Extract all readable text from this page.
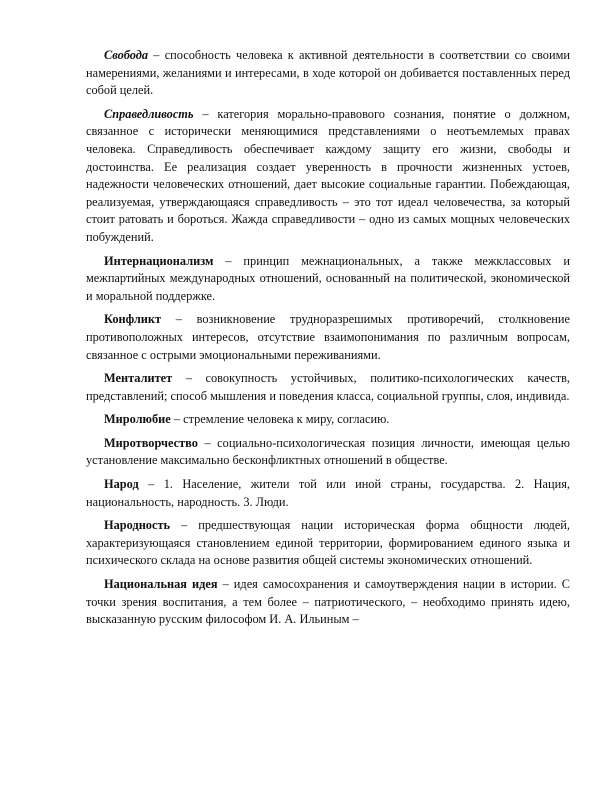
Свобода – способность человека к активной деятельности в соответствии со своими намерениями, желаниями и интересами, в ходе которой он добивается поставленных перед собой целей.

Справедливость – категория морально-правового сознания, понятие о должном, связанное с исторически меняющимися представлениями о неотъемлемых правах человека. Справедливость обеспечивает каждому защиту его жизни, свободы и достоинства. Ее реализация создает уверенность в прочности жизненных устоев, надежности человеческих отношений, дает высокие социальные гарантии. Побеждающая, реализуемая, утверждающаяся справедливость – это тот идеал человечества, за который стоит ратовать и бороться. Жажда справедливости – одно из самых мощных человеческих побуждений.

Интернационализм – принцип межнациональных, а также межклассовых и межпартийных международных отношений, основанный на политической, экономической и моральной поддержке.

Конфликт – возникновение трудноразрешимых противоречий, столкновение противоположных интересов, отсутствие взаимопонимания по различным вопросам, связанное с острыми эмоциональными переживаниями.

Менталитет – совокупность устойчивых, политико-психологических качеств, представлений; способ мышления и поведения класса, социальной группы, слоя, индивида.

Миролюбие – стремление человека к миру, согласию.

Миротворчество – социально-психологическая позиция личности, имеющая целью установление максимально бесконфликтных отношений в обществе.

Народ – 1. Население, жители той или иной страны, государства. 2. Нация, национальность, народность. 3. Люди.

Народность – предшествующая нации историческая форма общности людей, характеризующаяся становлением единой территории, формированием единого языка и психического склада на основе развития общей системы экономических отношений.

Национальная идея – идея самосохранения и самоутверждения нации в истории. С точки зрения воспитания, а тем более – патриотического, – необходимо принять идею, высказанную русским философом И. А. Ильиным –
